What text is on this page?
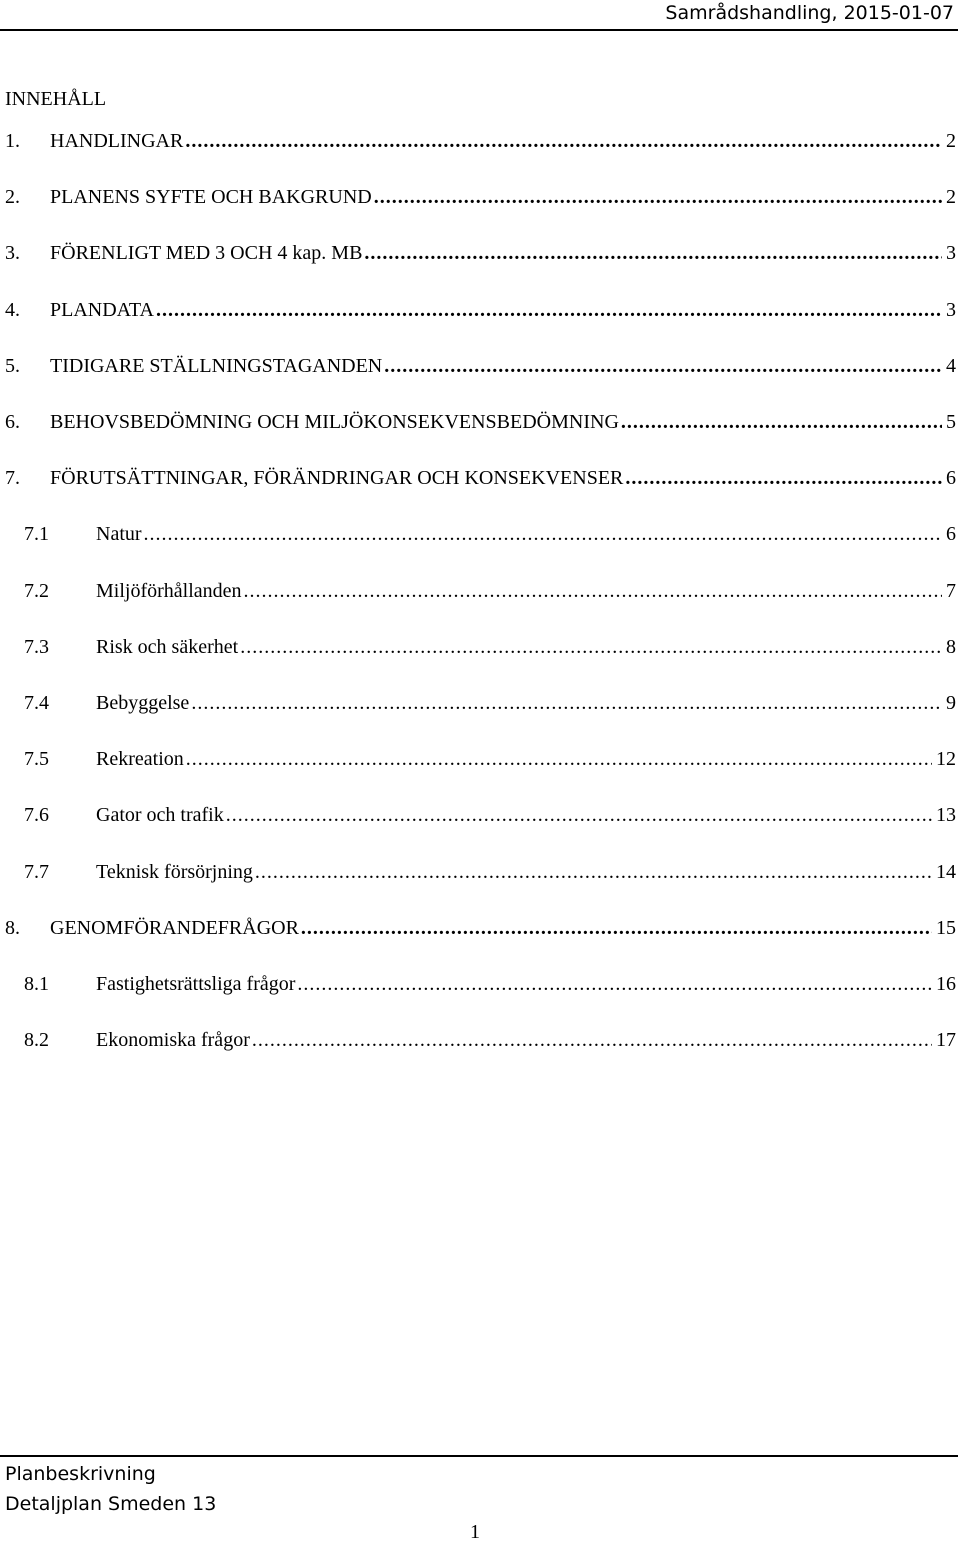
Samrådshandling, 2015-01-07
INNEHÅLL
1.	HANDLINGAR .....	2
2.	PLANENS SYFTE OCH BAKGRUND .....	2
3.	FÖRENLIGT MED 3 OCH 4 kap. MB .....	3
4.	PLANDATA .....	3
5.	TIDIGARE STÄLLNINGSTAGANDEN .....	4
6.	BEHOVSBEDÖMNING OCH MILJÖKONSEKVENSBEDÖMNING .....	5
7.	FÖRUTSÄTTNINGAR, FÖRÄNDRINGAR OCH KONSEKVENSER .....	6
7.1	Natur .....	6
7.2	Miljöförhållanden .....	7
7.3	Risk och säkerhet .....	8
7.4	Bebyggelse .....	9
7.5	Rekreation .....	12
7.6	Gator och trafik .....	13
7.7	Teknisk försörjning .....	14
8.	GENOMFÖRANDEFRÅGOR .....	15
8.1	Fastighetsrättsliga frågor .....	16
8.2	Ekonomiska frågor .....	17
Planbeskrivning
Detaljplan Smeden 13
1
